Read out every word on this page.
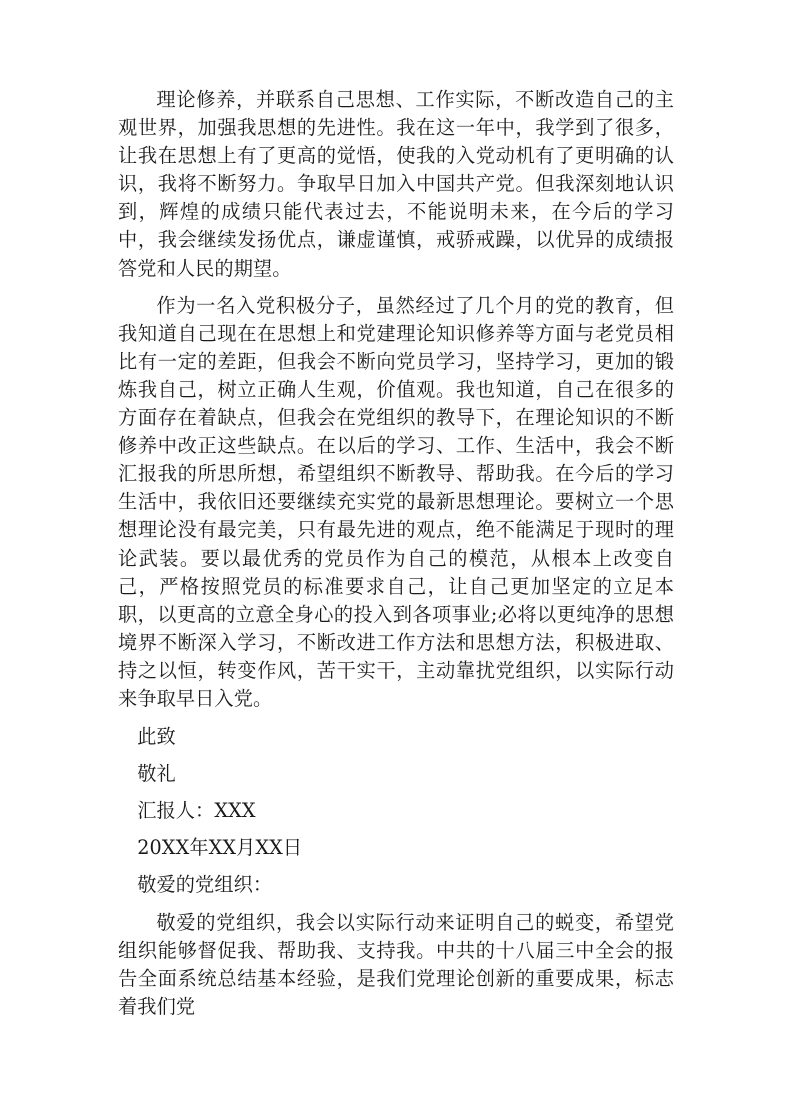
理论修养，并联系自己思想、工作实际，不断改造自己的主观世界，加强我思想的先进性。我在这一年中，我学到了很多，让我在思想上有了更高的觉悟，使我的入党动机有了更明确的认识，我将不断努力。争取早日加入中国共产党。但我深刻地认识到，辉煌的成绩只能代表过去，不能说明未来，在今后的学习中，我会继续发扬优点，谦虚谨慎，戒骄戒躁，以优异的成绩报答党和人民的期望。

作为一名入党积极分子，虽然经过了几个月的党的教育，但我知道自己现在在思想上和党建理论知识修养等方面与老党员相比有一定的差距，但我会不断向党员学习，坚持学习，更加的锻炼我自己，树立正确人生观，价值观。我也知道，自己在很多的方面存在着缺点，但我会在党组织的教导下，在理论知识的不断修养中改正这些缺点。在以后的学习、工作、生活中，我会不断汇报我的所思所想，希望组织不断教导、帮助我。在今后的学习生活中，我依旧还要继续充实党的最新思想理论。要树立一个思想理论没有最完美，只有最先进的观点，绝不能满足于现时的理论武装。要以最优秀的党员作为自己的模范，从根本上改变自己，严格按照党员的标准要求自己，让自己更加坚定的立足本职，以更高的立意全身心的投入到各项事业;必将以更纯净的思想境界不断深入学习，不断改进工作方法和思想方法，积极进取、持之以恒，转变作风，苦干实干，主动靠扰党组织，以实际行动来争取早日入党。

此致

敬礼

汇报人：XXX

20XX年XX月XX日

敬爱的党组织：

敬爱的党组织，我会以实际行动来证明自己的蜕变，希望党组织能够督促我、帮助我、支持我。中共的十八届三中全会的报告全面系统总结基本经验，是我们党理论创新的重要成果，标志着我们党
